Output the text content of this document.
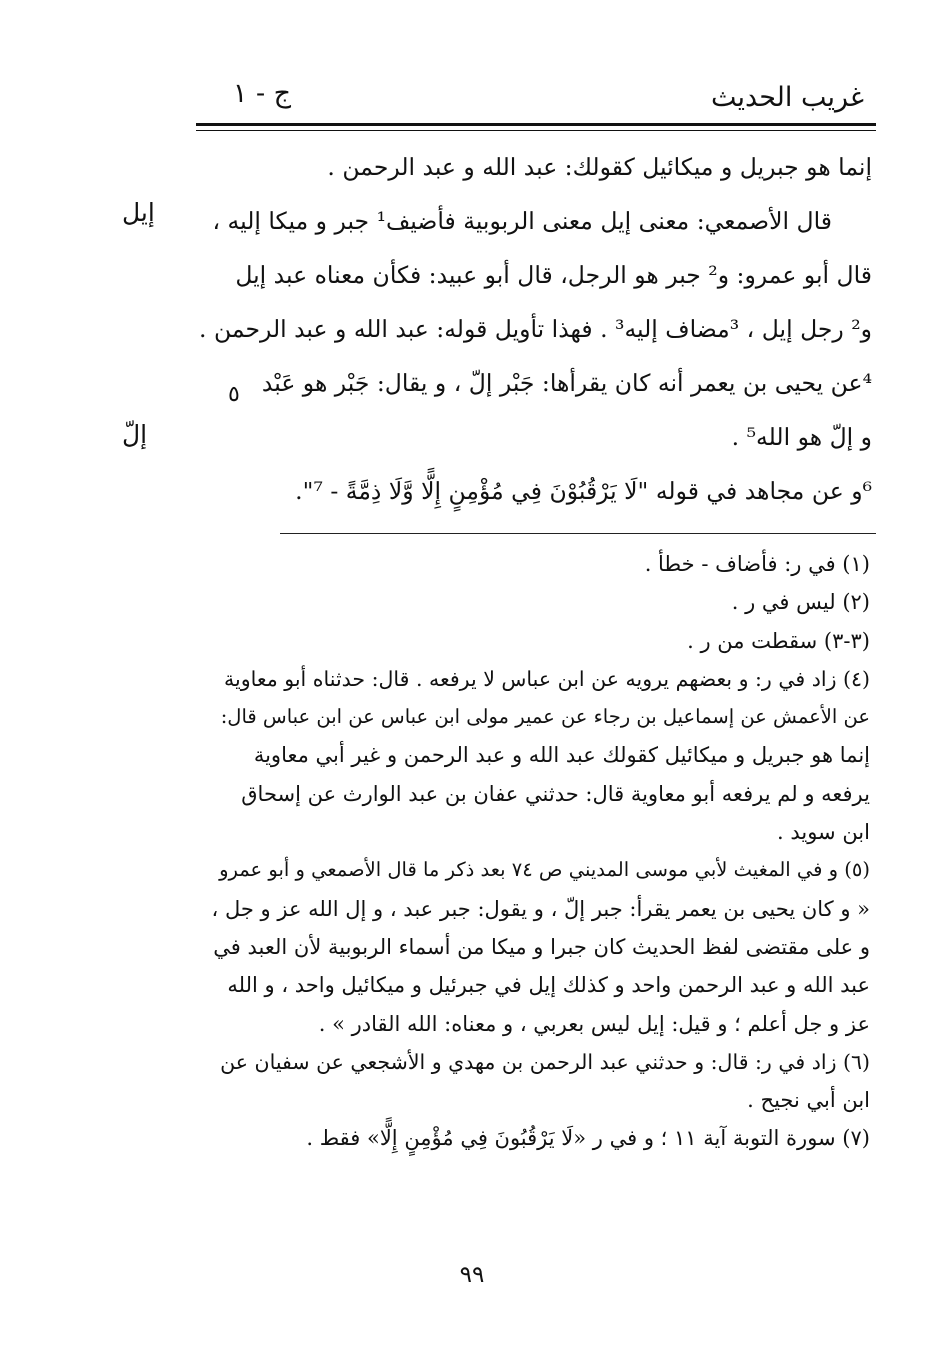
غريب الحديث
ج - ١
إنما هو جبريل و ميكائيل كقولك: عبد الله و عبد الرحمن .
قال الأصمعي: معنى إيل معنى الربوبية فأضيف¹ جبر و ميكا إليه ،
قال أبو عمرو: و² جبر هو الرجل، قال أبو عبيد: فكأن معناه عبد إيل
و² رجل إيل ، ³مضاف إليه³ . فهذا تأويل قوله: عبد الله و عبد الرحمن .
⁴عن يحيى بن يعمر أنه كان يقرأها: جَبْر إلّ ، و يقال: جَبْر هو عَبْد
و إلّ هو الله⁵ .
⁶و عن مجاهد في قوله "لَا يَرْقُبُوْنَ فِي مُؤْمِنٍ إِلًّا وَّلَا ذِمَّةً - ⁷".
إيل
إلّ
٥
(١) في ر: فأضاف - خطأ .
(٢) ليس في ر .
(٣-٣) سقطت من ر .
(٤) زاد في ر: و بعضهم يرويه عن ابن عباس لا يرفعه . قال: حدثناه أبو معاوية
عن الأعمش عن إسماعيل بن رجاء عن عمير مولى ابن عباس عن ابن عباس قال:
إنما هو جبريل و ميكائيل كقولك عبد الله و عبد الرحمن و غير أبي معاوية
يرفعه و لم يرفعه أبو معاوية قال: حدثني عفان بن عبد الوارث عن إسحاق
ابن سويد .
(٥) و في المغيث لأبي موسى المديني ص ٧٤ بعد ذكر ما قال الأصمعي و أبو عمرو
« و كان يحيى بن يعمر يقرأ: جبر إلّ ، و يقول: جبر عبد ، و إل الله عز و جل ،
و على مقتضى لفظ الحديث كان جبرا و ميكا من أسماء الربوبية لأن العبد في
عبد الله و عبد الرحمن واحد و كذلك إيل في جبرئيل و ميكائيل واحد ، و الله
عز و جل أعلم ؛ و قيل: إيل ليس بعربي ، و معناه: الله القادر » .
(٦) زاد في ر: قال: و حدثني عبد الرحمن بن مهدي و الأشجعي عن سفيان عن
ابن أبي نجيح .
(٧) سورة التوبة آية ١١ ؛ و في ر «لَا يَرْقُبُونَ فِي مُؤْمِنٍ إِلًّا» فقط .
٩٩
